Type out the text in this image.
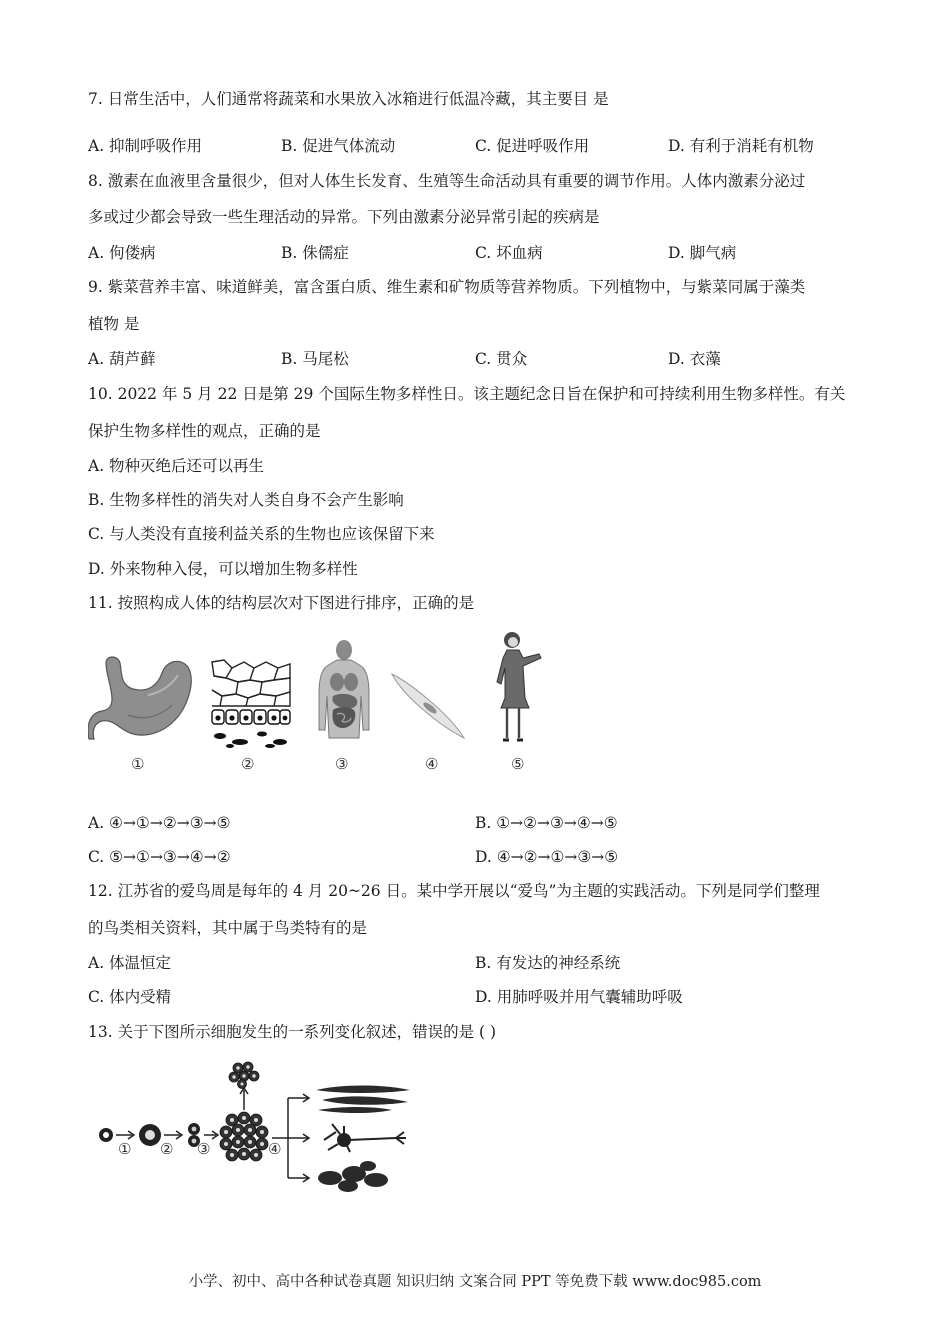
7. 日常生活中，人们通常将蔬菜和水果放入冰箱进行低温冷藏，其主要目 是
A. 抑制呼吸作用	B. 促进气体流动	C. 促进呼吸作用	D. 有利于消耗有机物
8. 激素在血液里含量很少，但对人体生长发育、生殖等生命活动具有重要的调节作用。人体内激素分泌过
多或过少都会导致一些生理活动的异常。下列由激素分泌异常引起的疾病是
A. 佝偻病	B. 侏儒症	C. 坏血病	D. 脚气病
9. 紫菜营养丰富、味道鲜美，富含蛋白质、维生素和矿物质等营养物质。下列植物中，与紫菜同属于藻类
植物 是
A. 葫芦藓	B. 马尾松	C. 贯众	D. 衣藻
10. 2022 年 5 月 22 日是第 29 个国际生物多样性日。该主题纪念日旨在保护和可持续利用生物多样性。有关
保护生物多样性的观点，正确的是
A. 物种灭绝后还可以再生
B. 生物多样性的消失对人类自身不会产生影响
C. 与人类没有直接利益关系的生物也应该保留下来
D. 外来物种入侵，可以增加生物多样性
11. 按照构成人体的结构层次对下图进行排序，正确的是
①	②	③	④	⑤
A. ④→①→②→③→⑤	B. ①→②→③→④→⑤
C. ⑤→①→③→④→②	D. ④→②→①→③→⑤
12. 江苏省的爱鸟周是每年的 4 月 20~26 日。某中学开展以“爱鸟”为主题的实践活动。下列是同学们整理
的鸟类相关资料，其中属于鸟类特有的是
A. 体温恒定	B. 有发达的神经系统
C. 体内受精	D. 用肺呼吸并用气囊辅助呼吸
13. 关于下图所示细胞发生的一系列变化叙述，错误的是 ( )
① ② ③	④
小学、初中、高中各种试卷真题 知识归纳 文案合同 PPT 等免费下载 www.doc985.com
